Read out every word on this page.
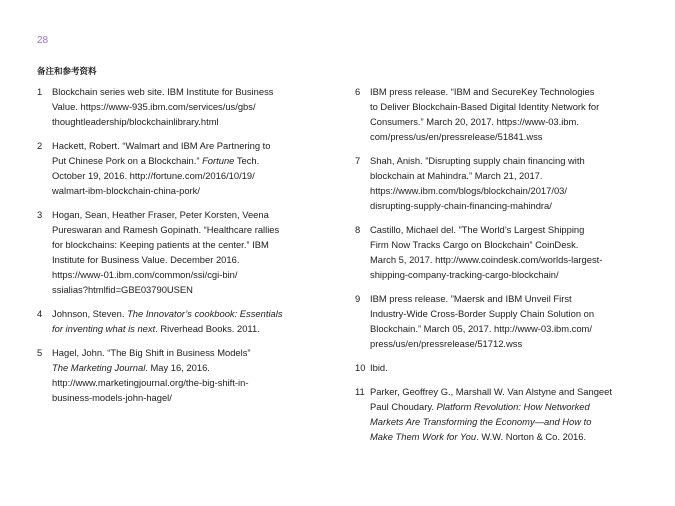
28
备注和参考资料
1 Blockchain series web site. IBM Institute for Business
Value. https://www-935.ibm.com/services/us/gbs/
thoughtleadership/blockchainlibrary.html
2 Hackett, Robert. “Walmart and IBM Are Partnering to
Put Chinese Pork on a Blockchain.” Fortune Tech.
October 19, 2016. http://fortune.com/2016/10/19/
walmart-ibm-blockchain-china-pork/
3 Hogan, Sean, Heather Fraser, Peter Korsten, Veena
Pureswaran and Ramesh Gopinath. “Healthcare rallies
for blockchains: Keeping patients at the center.” IBM
Institute for Business Value. December 2016.
https://www-01.ibm.com/common/ssi/cgi-bin/
ssialias?htmlfid=GBE03790USEN
4 Johnson, Steven. The Innovator’s cookbook: Essentials
for inventing what is next. Riverhead Books. 2011.
5 Hagel, John. “The Big Shift in Business Models”
The Marketing Journal. May 16, 2016.
http://www.marketingjournal.org/the-big-shift-in-
business-models-john-hagel/
6 IBM press release. “IBM and SecureKey Technologies
to Deliver Blockchain-Based Digital Identity Network for
Consumers.” March 20, 2017. https://www-03.ibm.
com/press/us/en/pressrelease/51841.wss
7 Shah, Anish. ”Disrupting supply chain financing with
blockchain at Mahindra.” March 21, 2017.
https://www.ibm.com/blogs/blockchain/2017/03/
disrupting-supply-chain-financing-mahindra/
8 Castillo, Michael del. ”The World’s Largest Shipping
Firm Now Tracks Cargo on Blockchain” CoinDesk.
March 5, 2017. http://www.coindesk.com/worlds-largest-
shipping-company-tracking-cargo-blockchain/
9 IBM press release. ”Maersk and IBM Unveil First
Industry-Wide Cross-Border Supply Chain Solution on
Blockchain.” March 05, 2017. http://www-03.ibm.com/
press/us/en/pressrelease/51712.wss
10 Ibid.
11 Parker, Geoffrey G., Marshall W. Van Alstyne and Sangeet
Paul Choudary. Platform Revolution: How Networked
Markets Are Transforming the Economy—and How to
Make Them Work for You. W.W. Norton & Co. 2016.
